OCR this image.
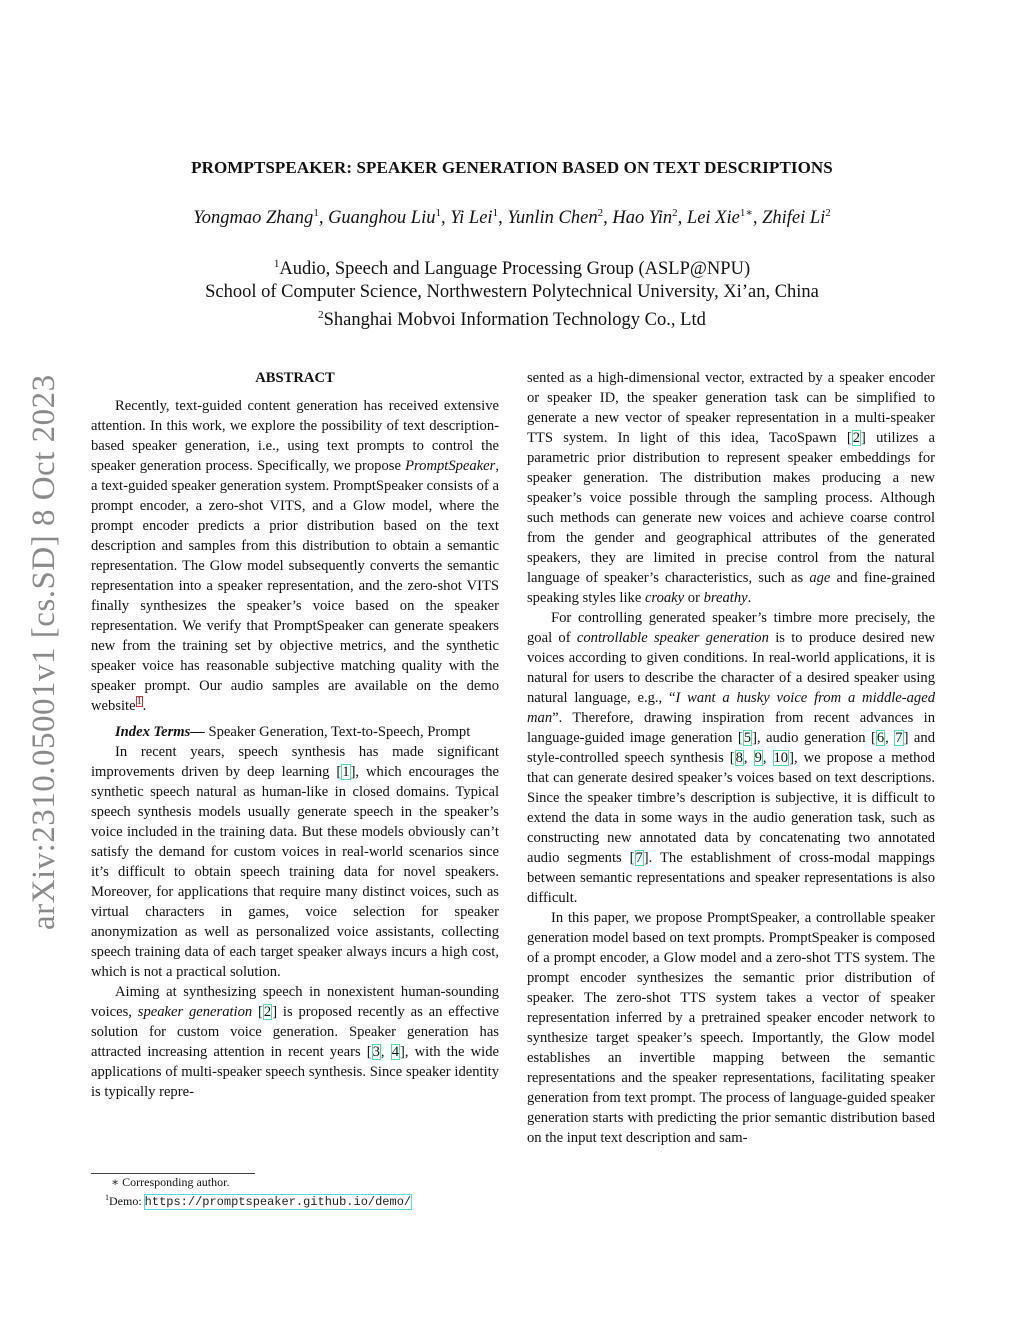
arXiv:2310.05001v1 [cs.SD] 8 Oct 2023
PROMPTSPEAKER: SPEAKER GENERATION BASED ON TEXT DESCRIPTIONS
Yongmao Zhang$^1$, Guanghou Liu$^1$, Yi Lei$^1$, Yunlin Chen$^2$, Hao Yin$^2$, Lei Xie$^{1∗}$, Zhifei Li$^2$
$^1$Audio, Speech and Language Processing Group (ASLP@NPU)
School of Computer Science, Northwestern Polytechnical University, Xi’an, China
$^2$Shanghai Mobvoi Information Technology Co., Ltd
ABSTRACT

Recently, text-guided content generation has received extensive attention. In this work, we explore the possibility of text description-based speaker generation, i.e., using text prompts to control the speaker generation process. Specifically, we propose PromptSpeaker, a text-guided speaker generation system. PromptSpeaker consists of a prompt encoder, a zero-shot VITS, and a Glow model, where the prompt encoder predicts a prior distribution based on the text description and samples from this distribution to obtain a semantic representation. The Glow model subsequently converts the semantic representation into a speaker representation, and the zero-shot VITS finally synthesizes the speaker’s voice based on the speaker representation. We verify that PromptSpeaker can generate speakers new from the training set by objective metrics, and the synthetic speaker voice has reasonable subjective matching quality with the speaker prompt. Our audio samples are available on the demo website$^1$.

Index Terms— Speaker Generation, Text-to-Speech, Prompt

In recent years, speech synthesis has made significant improvements driven by deep learning [1], which encourages the synthetic speech natural as human-like in closed domains. Typical speech synthesis models usually generate speech in the speaker’s voice included in the training data. But these models obviously can’t satisfy the demand for custom voices in real-world scenarios since it’s difficult to obtain speech training data for novel speakers. Moreover, for applications that require many distinct voices, such as virtual characters in games, voice selection for speaker anonymization as well as personalized voice assistants, collecting speech training data of each target speaker always incurs a high cost, which is not a practical solution.

Aiming at synthesizing speech in nonexistent human-sounding voices, speaker generation [2] is proposed recently as an effective solution for custom voice generation. Speaker generation has attracted increasing attention in recent years [3, 4], with the wide applications of multi-speaker speech synthesis. Since speaker identity is typically repre-

∗ Corresponding author.

$^1$Demo: https://promptspeaker.github.io/demo/

sented as a high-dimensional vector, extracted by a speaker encoder or speaker ID, the speaker generation task can be simplified to generate a new vector of speaker representation in a multi-speaker TTS system. In light of this idea, TacoSpawn [2] utilizes a parametric prior distribution to represent speaker embeddings for speaker generation. The distribution makes producing a new speaker’s voice possible through the sampling process. Although such methods can generate new voices and achieve coarse control from the gender and geographical attributes of the generated speakers, they are limited in precise control from the natural language of speaker’s characteristics, such as age and fine-grained speaking styles like croaky or breathy.

For controlling generated speaker’s timbre more precisely, the goal of controllable speaker generation is to produce desired new voices according to given conditions. In real-world applications, it is natural for users to describe the character of a desired speaker using natural language, e.g., “I want a husky voice from a middle-aged man”. Therefore, drawing inspiration from recent advances in language-guided image generation [5], audio generation [6, 7] and style-controlled speech synthesis [8, 9, 10], we propose a method that can generate desired speaker’s voices based on text descriptions. Since the speaker timbre’s description is subjective, it is difficult to extend the data in some ways in the audio generation task, such as constructing new annotated data by concatenating two annotated audio segments [7]. The establishment of cross-modal mappings between semantic representations and speaker representations is also difficult.

In this paper, we propose PromptSpeaker, a controllable speaker generation model based on text prompts. PromptSpeaker is composed of a prompt encoder, a Glow model and a zero-shot TTS system. The prompt encoder synthesizes the semantic prior distribution of speaker. The zero-shot TTS system takes a vector of speaker representation inferred by a pretrained speaker encoder network to synthesize target speaker’s speech. Importantly, the Glow model establishes an invertible mapping between the semantic representations and the speaker representations, facilitating speaker generation from text prompt. The process of language-guided speaker generation starts with predicting the prior semantic distribution based on the input text description and sam-
